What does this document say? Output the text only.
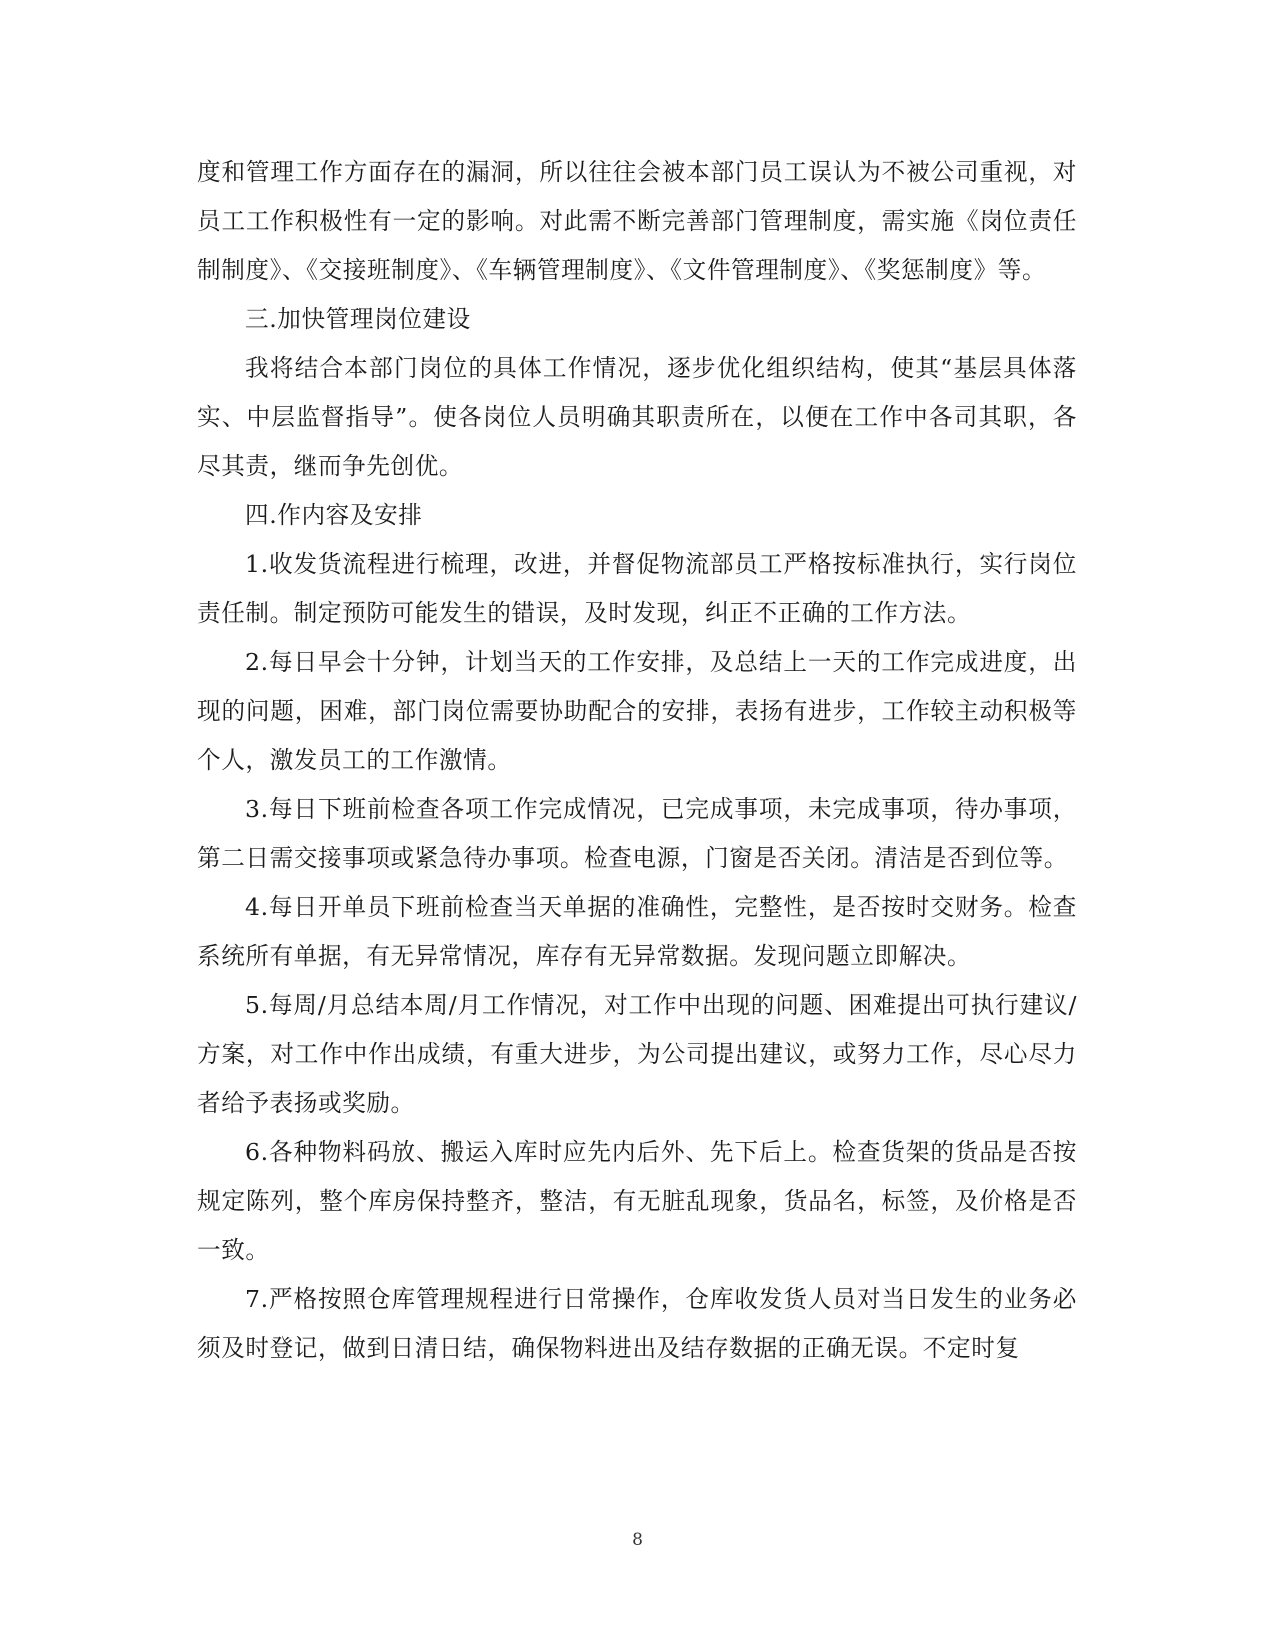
度和管理工作方面存在的漏洞，所以往往会被本部门员工误认为不被公司重视，对员工工作积极性有一定的影响。对此需不断完善部门管理制度，需实施《岗位责任制制度》、《交接班制度》、《车辆管理制度》、《文件管理制度》、《奖惩制度》等。

三.加快管理岗位建设

我将结合本部门岗位的具体工作情况，逐步优化组织结构，使其“基层具体落实、中层监督指导”。使各岗位人员明确其职责所在，以便在工作中各司其职，各尽其责，继而争先创优。

四.作内容及安排

1.收发货流程进行梳理，改进，并督促物流部员工严格按标准执行，实行岗位责任制。制定预防可能发生的错误，及时发现，纠正不正确的工作方法。

2.每日早会十分钟，计划当天的工作安排，及总结上一天的工作完成进度，出现的问题，困难，部门岗位需要协助配合的安排，表扬有进步，工作较主动积极等个人，激发员工的工作激情。

3.每日下班前检查各项工作完成情况，已完成事项，未完成事项，待办事项，第二日需交接事项或紧急待办事项。检查电源，门窗是否关闭。清洁是否到位等。

4.每日开单员下班前检查当天单据的准确性，完整性，是否按时交财务。检查系统所有单据，有无异常情况，库存有无异常数据。发现问题立即解决。

5.每周/月总结本周/月工作情况，对工作中出现的问题、困难提出可执行建议/方案，对工作中作出成绩，有重大进步，为公司提出建议，或努力工作，尽心尽力者给予表扬或奖励。

6.各种物料码放、搬运入库时应先内后外、先下后上。检查货架的货品是否按规定陈列，整个库房保持整齐，整洁，有无脏乱现象，货品名，标签，及价格是否一致。

7.严格按照仓库管理规程进行日常操作，仓库收发货人员对当日发生的业务必须及时登记，做到日清日结，确保物料进出及结存数据的正确无误。不定时复

8
